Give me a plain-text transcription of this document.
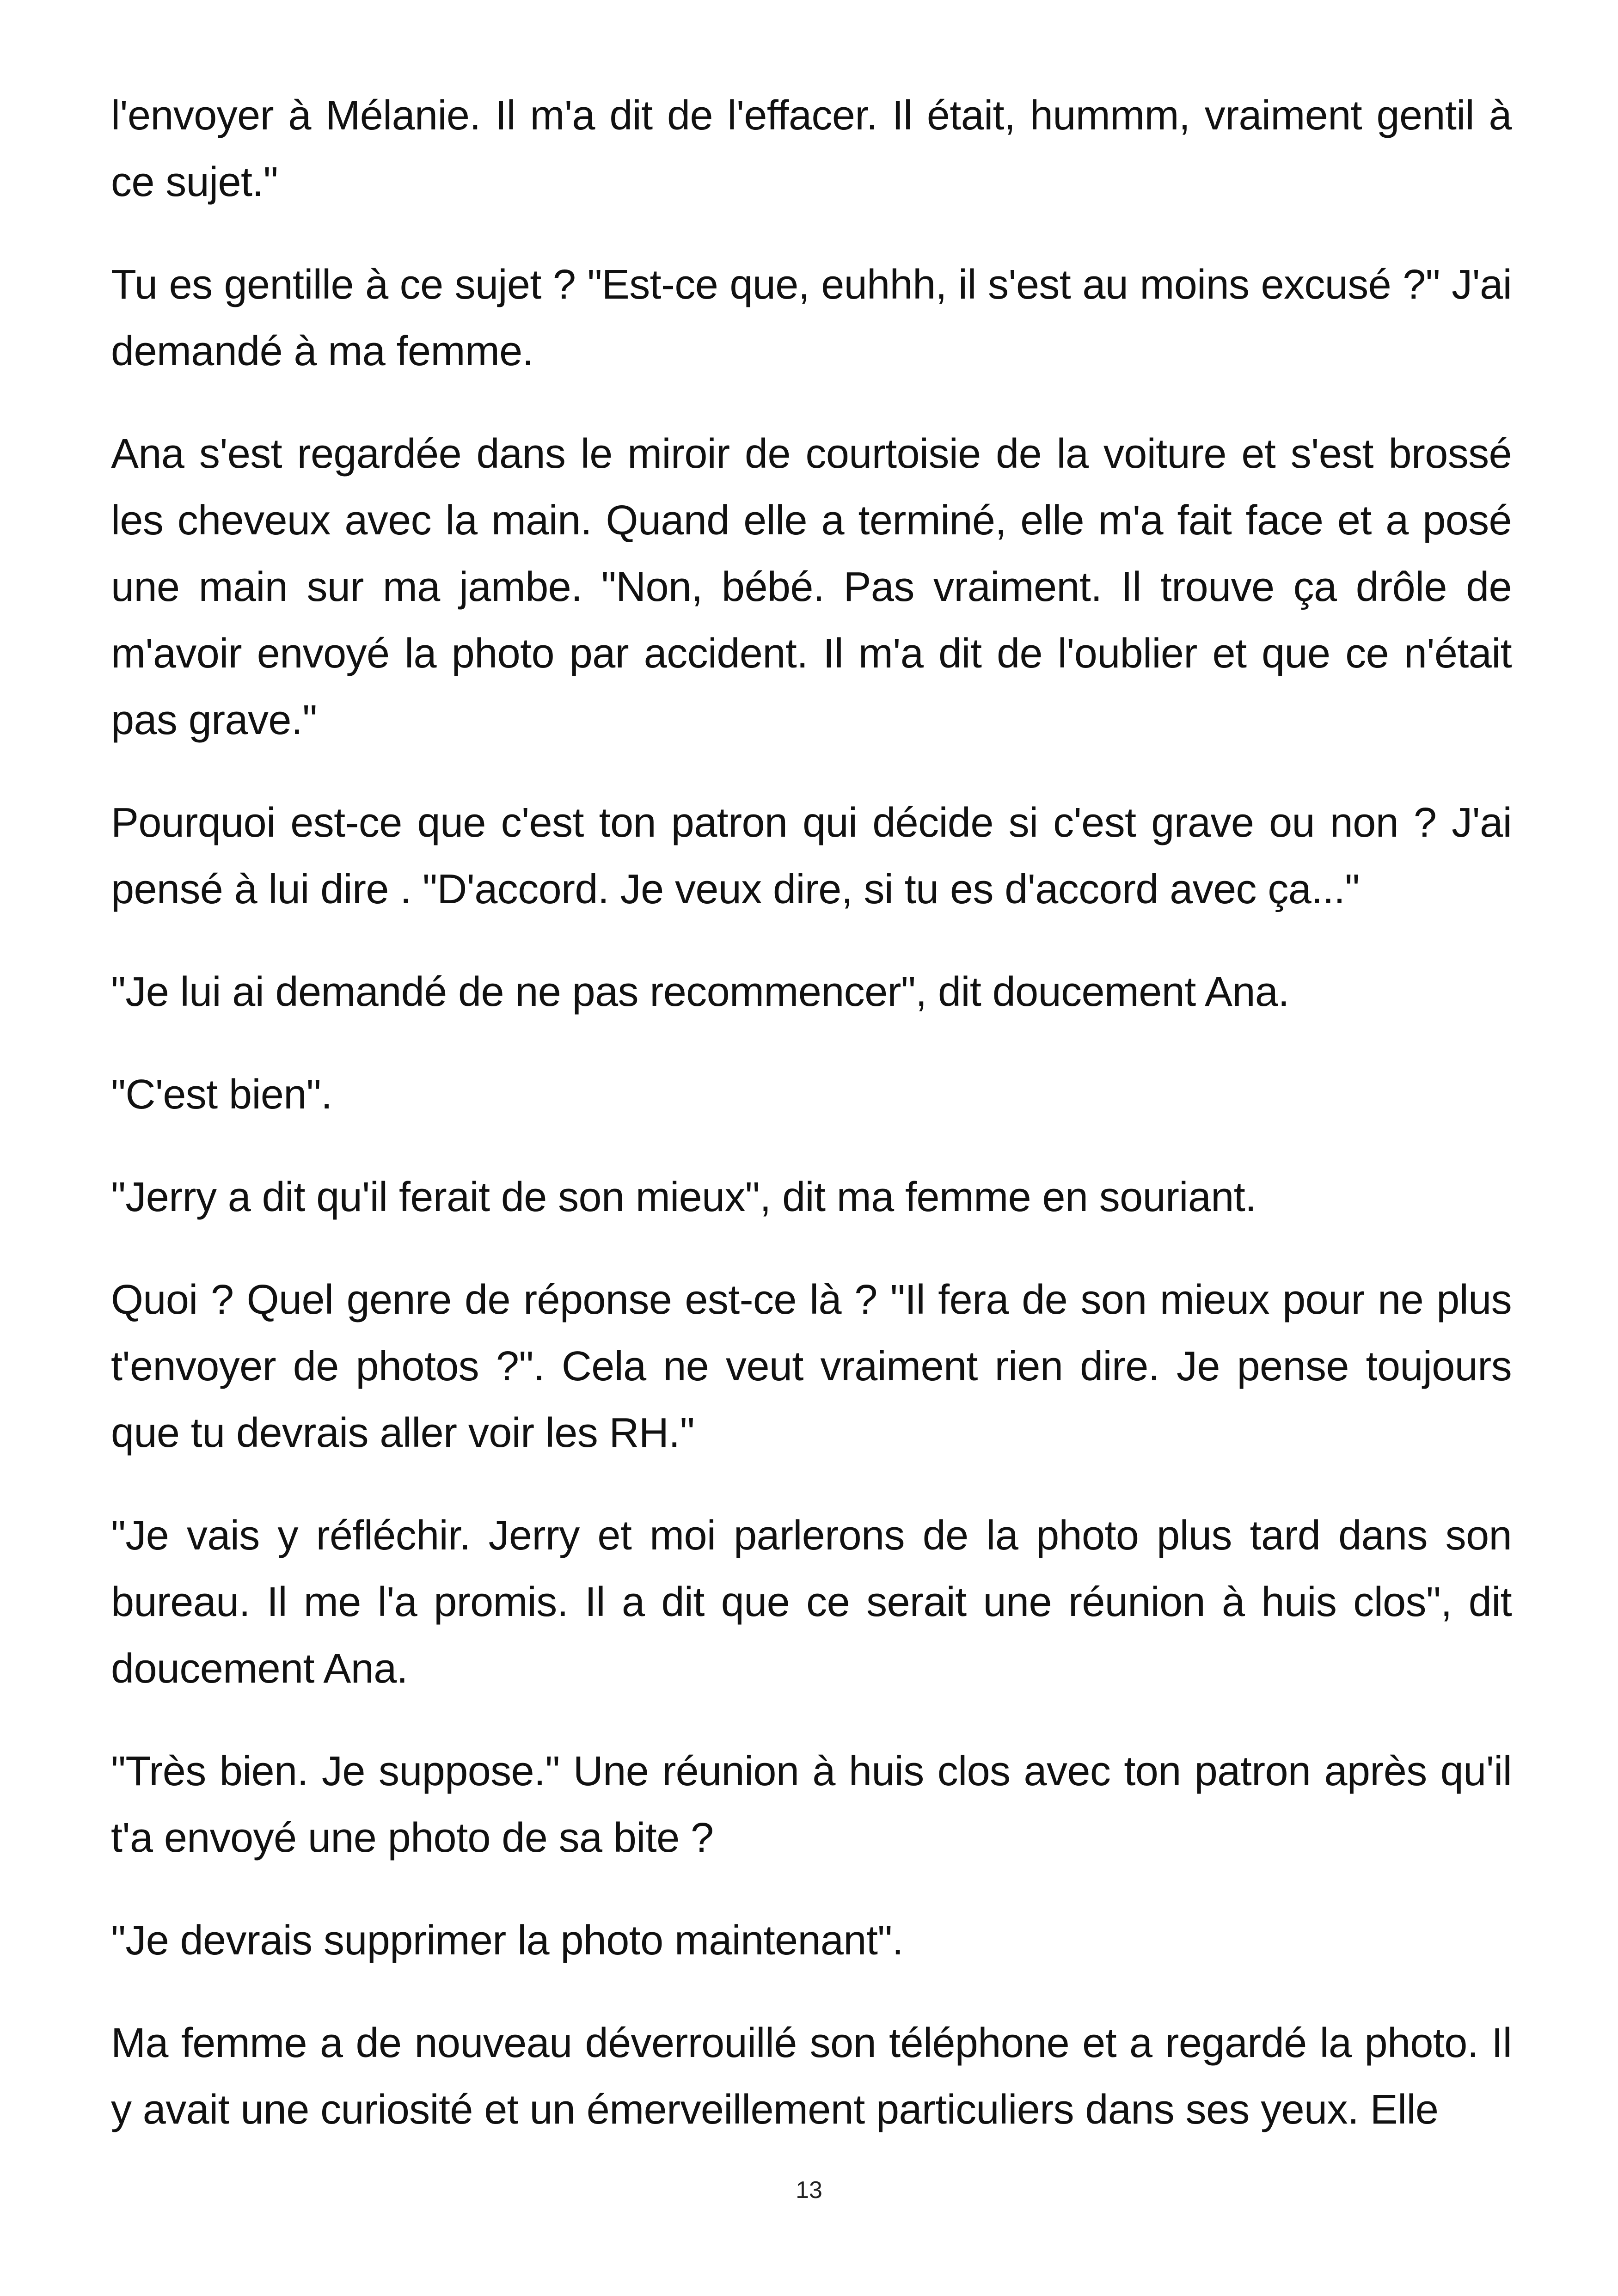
l'envoyer à Mélanie. Il m'a dit de l'effacer. Il était, hummm, vraiment gentil à ce sujet."

Tu es gentille à ce sujet ? "Est-ce que, euhhh, il s'est au moins excusé ?" J'ai demandé à ma femme.

Ana s'est regardée dans le miroir de courtoisie de la voiture et s'est brossé les cheveux avec la main. Quand elle a terminé, elle m'a fait face et a posé une main sur ma jambe. "Non, bébé. Pas vraiment. Il trouve ça drôle de m'avoir envoyé la photo par accident. Il m'a dit de l'oublier et que ce n'était pas grave."

Pourquoi est-ce que c'est ton patron qui décide si c'est grave ou non ? J'ai pensé à lui dire . "D'accord. Je veux dire, si tu es d'accord avec ça..."

"Je lui ai demandé de ne pas recommencer", dit doucement Ana.

"C'est bien".

"Jerry a dit qu'il ferait de son mieux", dit ma femme en souriant.

Quoi ? Quel genre de réponse est-ce là ? "Il fera de son mieux pour ne plus t'envoyer de photos ?". Cela ne veut vraiment rien dire. Je pense toujours que tu devrais aller voir les RH."

"Je vais y réfléchir. Jerry et moi parlerons de la photo plus tard dans son bureau. Il me l'a promis. Il a dit que ce serait une réunion à huis clos", dit doucement Ana.

"Très bien. Je suppose." Une réunion à huis clos avec ton patron après qu'il t'a envoyé une photo de sa bite ?

"Je devrais supprimer la photo maintenant".

Ma femme a de nouveau déverrouillé son téléphone et a regardé la photo. Il y avait une curiosité et un émerveillement particuliers dans ses yeux. Elle

13
